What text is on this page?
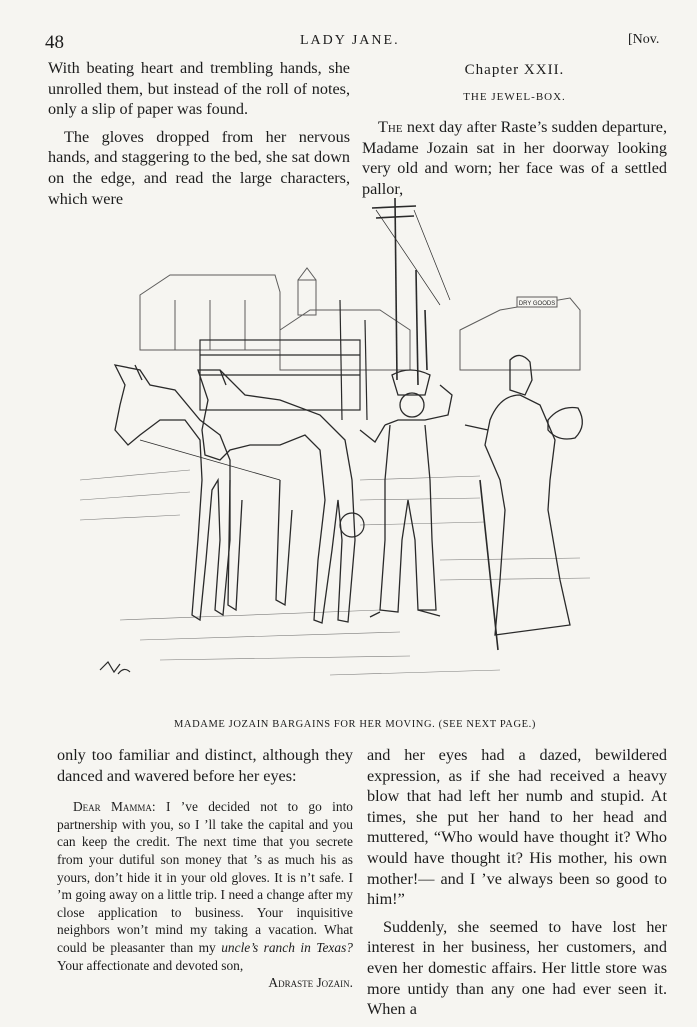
48	LADY JANE.	[Nov.

With beating heart and trembling hands, she unrolled them, but instead of the roll of notes, only a slip of paper was found.

The gloves dropped from her nervous hands, and staggering to the bed, she sat down on the edge, and read the large characters, which were

Chapter XXII.

THE JEWEL-BOX.

The next day after Raste’s sudden departure, Madame Jozain sat in her doorway looking very old and worn; her face was of a settled pallor,

DRY GOODS
MADAME JOZAIN BARGAINS FOR HER MOVING. (SEE NEXT PAGE.)

only too familiar and distinct, although they danced and wavered before her eyes:

Dear Mamma: I ’ve decided not to go into partnership with you, so I ’ll take the capital and you can keep the credit. The next time that you secrete from your dutiful son money that ’s as much his as yours, don’t hide it in your old gloves. It is n’t safe. I ’m going away on a little trip. I need a change after my close application to business. Your inquisitive neighbors won’t mind my taking a vacation. What could be pleasanter than my uncle’s ranch in Texas? Your affectionate and devoted son,

Adraste Jozain.

and her eyes had a dazed, bewildered expression, as if she had received a heavy blow that had left her numb and stupid. At times, she put her hand to her head and muttered, “Who would have thought it? Who would have thought it? His mother, his own mother!— and I ’ve always been so good to him!”

Suddenly, she seemed to have lost her interest in her business, her customers, and even her domestic affairs. Her little store was more untidy than any one had ever seen it. When a
